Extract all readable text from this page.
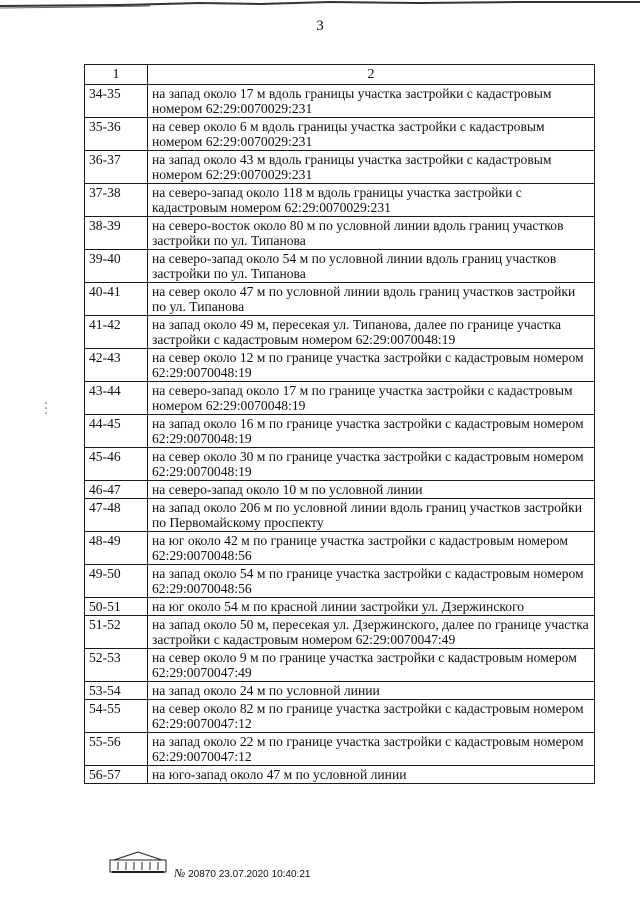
3
1	2
34-35	на запад около 17 м вдоль границы участка застройки с кадастровым номером 62:29:0070029:231
35-36	на север около 6 м вдоль границы участка застройки с кадастровым номером 62:29:0070029:231
36-37	на запад около 43 м вдоль границы участка застройки с кадастровым номером 62:29:0070029:231
37-38	на северо-запад около 118 м вдоль границы участка застройки с кадастровым номером 62:29:0070029:231
38-39	на северо-восток около 80 м по условной линии вдоль границ участков застройки по ул. Типанова
39-40	на северо-запад около 54 м по условной линии вдоль границ участков застройки по ул. Типанова
40-41	на север около 47 м по условной линии вдоль границ участков застройки по ул. Типанова
41-42	на запад около 49 м, пересекая ул. Типанова, далее по границе участка застройки с кадастровым номером 62:29:0070048:19
42-43	на север около 12 м по границе участка застройки с кадастровым номером 62:29:0070048:19
43-44	на северо-запад около 17 м по границе участка застройки с кадастровым номером 62:29:0070048:19
44-45	на запад около 16 м по границе участка застройки с кадастровым номером 62:29:0070048:19
45-46	на север около 30 м по границе участка застройки с кадастровым номером 62:29:0070048:19
46-47	на северо-запад около 10 м по условной линии
47-48	на запад около 206 м по условной линии вдоль границ участков застройки по Первомайскому проспекту
48-49	на юг около 42 м по границе участка застройки с кадастровым номером 62:29:0070048:56
49-50	на запад около 54 м по границе участка застройки с кадастровым номером 62:29:0070048:56
50-51	на юг около 54 м по красной линии застройки ул. Дзержинского
51-52	на запад около 50 м, пересекая ул. Дзержинского, далее по границе участка застройки с кадастровым номером 62:29:0070047:49
52-53	на север около 9 м по границе участка застройки с кадастровым номером 62:29:0070047:49
53-54	на запад около 24 м по условной линии
54-55	на север около 82 м по границе участка застройки с кадастровым номером 62:29:0070047:12
55-56	на запад около 22 м по границе участка застройки с кадастровым номером 62:29:0070047:12
56-57	на юго-запад около 47 м по условной линии
№ 20870 23.07.2020 10:40:21
